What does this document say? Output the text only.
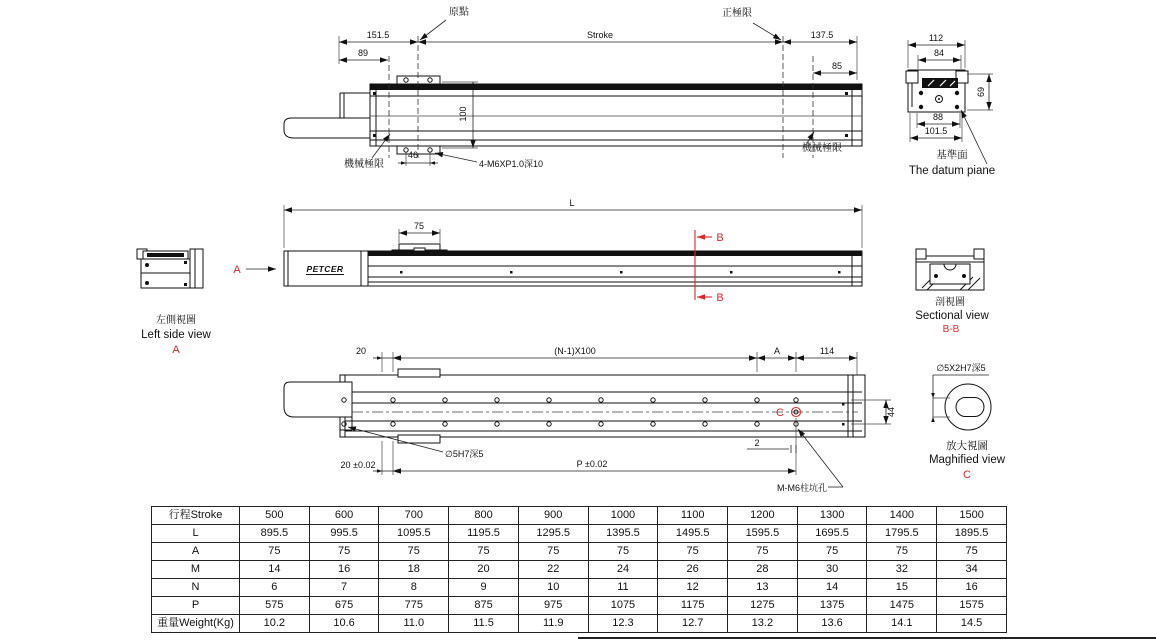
151.5
89
Stroke	137.5
85
100
46
原點	正極限
機械極限
機械極限
4-M6XP1.0深10
112
84
69
88
101.5
基準面
The datum piane
PETCER
B
B
A
L
75
左側視圖
Left side view
A
剖視圖
Sectional view
B-B
C	44
2
20 ±0.02	P ±0.02
∅5H7深5
M-M6柱坑孔
20	(N-1)X100	A	114
∅5X2H7深5
放大視圖
Maghified view
C
行程Stroke	500	600	700	800	900	1000	1100	1200	1300	1400	1500
L	895.5	995.5	1095.5	1195.5	1295.5	1395.5	1495.5	1595.5	1695.5	1795.5	1895.5
A	75	75	75	75	75	75	75	75	75	75	75
M	14	16	18	20	22	24	26	28	30	32	34
N	6	7	8	9	10	11	12	13	14	15	16
P	575	675	775	875	975	1075	1175	1275	1375	1475	1575
重量Weight(Kg)	10.2	10.6	11.0	11.5	11.9	12.3	12.7	13.2	13.6	14.1	14.5
